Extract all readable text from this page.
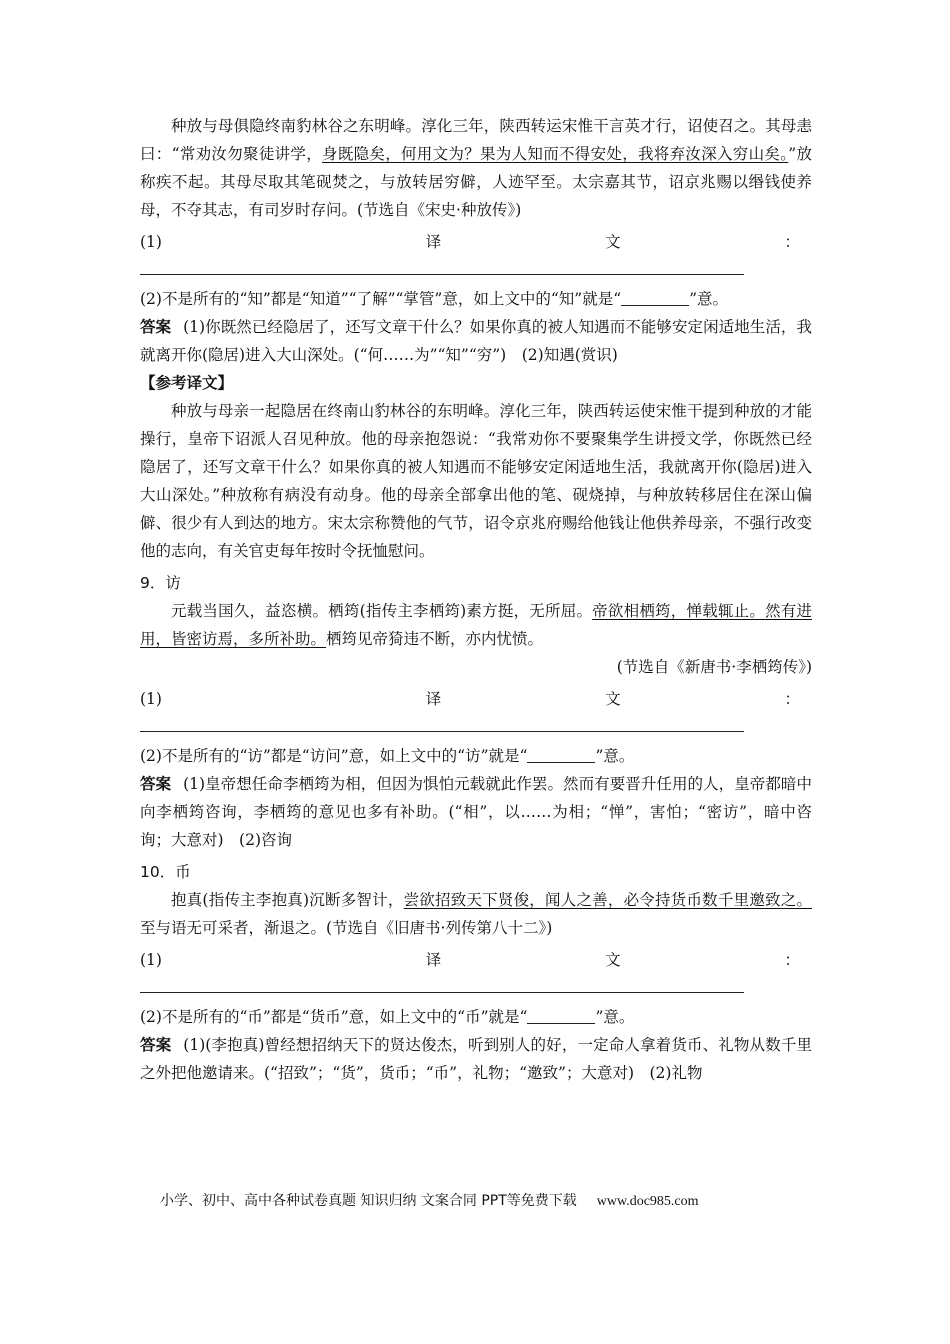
种放与母俱隐终南豹林谷之东明峰。淳化三年，陕西转运宋惟干言英才行，诏使召之。其母恚曰：“常劝汝勿聚徒讲学，身既隐矣，何用文为？果为人知而不得安处，我将弃汝深入穷山矣。”放称疾不起。其母尽取其笔砚焚之，与放转居穷僻，人迹罕至。太宗嘉其节，诏京兆赐以缗钱使养母，不夺其志，有司岁时存问。(节选自《宋史·种放传》)

(1)	译	文	：

(2)不是所有的“知”都是“知道”“了解”“掌管”意，如上文中的“知”就是“	”意。

答案 (1)你既然已经隐居了，还写文章干什么？如果你真的被人知遇而不能够安定闲适地生活，我就离开你(隐居)进入大山深处。(“何……为”“知”“穷”)　(2)知遇(赏识)

【参考译文】

种放与母亲一起隐居在终南山豹林谷的东明峰。淳化三年，陕西转运使宋惟干提到种放的才能操行，皇帝下诏派人召见种放。他的母亲抱怨说：“我常劝你不要聚集学生讲授文学，你既然已经隐居了，还写文章干什么？如果你真的被人知遇而不能够安定闲适地生活，我就离开你(隐居)进入大山深处。”种放称有病没有动身。他的母亲全部拿出他的笔、砚烧掉，与种放转移居住在深山偏僻、很少有人到达的地方。宋太宗称赞他的气节，诏令京兆府赐给他钱让他供养母亲，不强行改变他的志向，有关官吏每年按时令抚恤慰问。

9．访

元载当国久，益恣横。栖筠(指传主李栖筠)素方挺，无所屈。帝欲相栖筠，惮载辄止。然有进用，皆密访焉，多所补助。栖筠见帝猗违不断，亦内忧愤。

(节选自《新唐书·李栖筠传》)

(1)	译	文	：

(2)不是所有的“访”都是“访问”意，如上文中的“访”就是“	”意。

答案 (1)皇帝想任命李栖筠为相，但因为惧怕元载就此作罢。然而有要晋升任用的人，皇帝都暗中向李栖筠咨询，李栖筠的意见也多有补助。(“相”，以……为相；“惮”，害怕；“密访”，暗中咨询；大意对)　(2)咨询

10．币

抱真(指传主李抱真)沉断多智计，尝欲招致天下贤俊，闻人之善，必令持货币数千里邀致之。至与语无可采者，渐退之。(节选自《旧唐书·列传第八十二》)

(1)	译	文	：

(2)不是所有的“币”都是“货币”意，如上文中的“币”就是“	”意。

答案 (1)(李抱真)曾经想招纳天下的贤达俊杰，听到别人的好，一定命人拿着货币、礼物从数千里之外把他邀请来。(“招致”；“货”，货币；“币”，礼物；“邀致”；大意对)　(2)礼物

小学、初中、高中各种试卷真题 知识归纳 文案合同 PPT等免费下载 www.doc985.com
